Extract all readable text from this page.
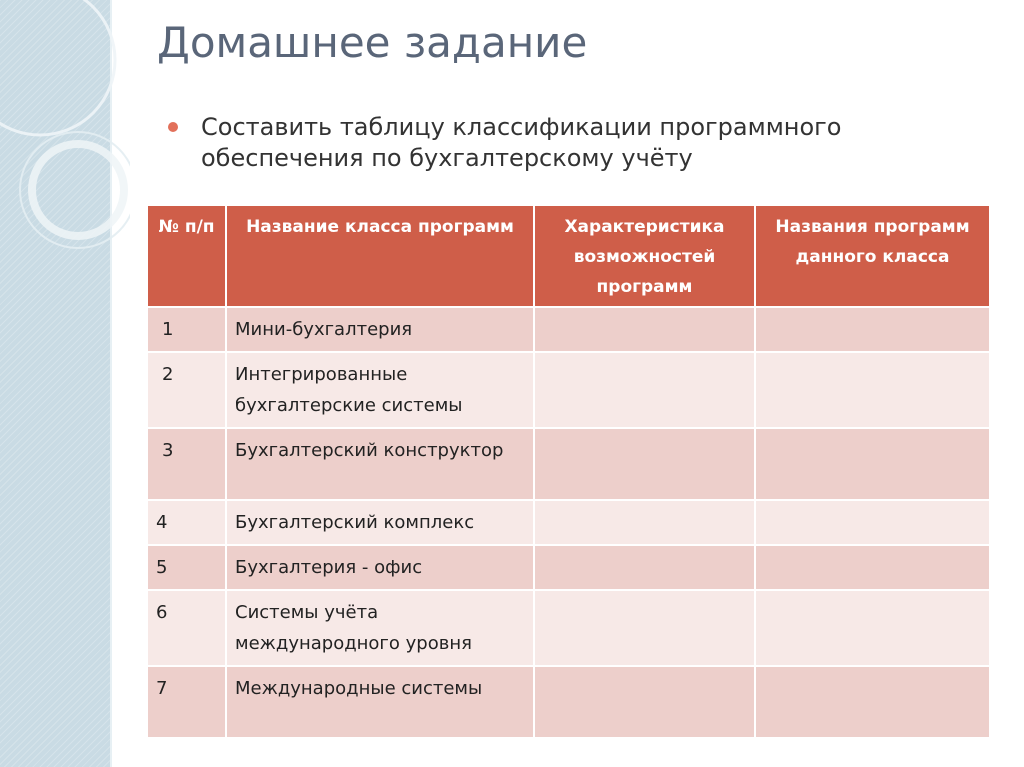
Домашнее задание

Составить таблицу классификации программного обеспечения по бухгалтерскому учёту

№ п/п	Название класса программ	Характеристика возможностей программ	Названия программ данного класса
1	Мини-бухгалтерия		
2	Интегрированные бухгалтерские системы		
3	Бухгалтерский конструктор		
4	Бухгалтерский комплекс		
5	Бухгалтерия - офис		
6	Системы учёта международного уровня		
7	Международные системы		
